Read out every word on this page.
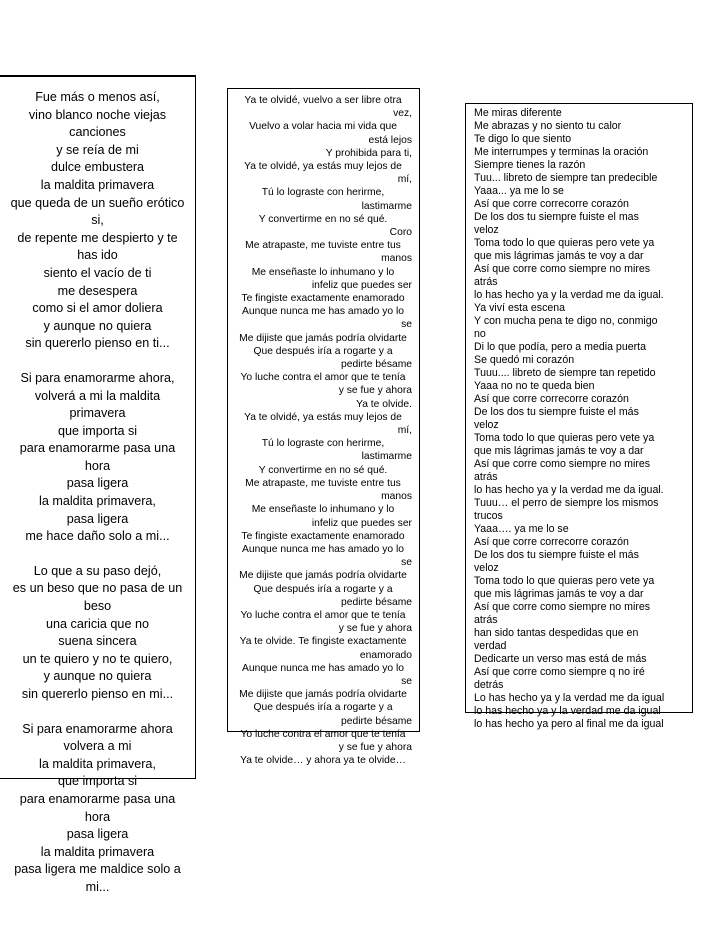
Fue más o menos así,
vino blanco noche viejas
canciones
y se reía de mi
dulce embustera
la maldita primavera
que queda de un sueño erótico
si,
de repente me despierto y te
has ido
siento el vacío de ti
me desespera
como si el amor doliera
y aunque no quiera
sin quererlo pienso en ti...
Si para enamorarme ahora,
volverá a mi la maldita
primavera
que importa si
para enamorarme pasa una
hora
pasa ligera
la maldita primavera,
pasa ligera
me hace daño solo a mi...
Lo que a su paso dejó,
es un beso que no pasa de un
beso
una caricia que no
suena sincera
un te quiero y no te quiero,
y aunque no quiera
sin quererlo pienso en mi...
Si para enamorarme ahora
volvera a mi
la maldita primavera,
que importa si
para enamorarme pasa una
hora
pasa ligera
la maldita primavera
pasa ligera me maldice solo a
mi...
Ya te olvidé, vuelvo a ser libre otra
vez,
Vuelvo a volar hacia mi vida que
está lejos
Y prohibida para ti,
Ya te olvidé, ya estás muy lejos de
mí,
Tú lo lograste con herirme,
lastimarme
Y convertirme en no sé qué.
Coro
Me atrapaste, me tuviste entre tus
manos
Me enseñaste lo inhumano y lo
infeliz que puedes ser
Te fingiste exactamente enamorado
Aunque nunca me has amado yo lo
se
Me dijiste que jamás podría olvidarte
Que después iría a rogarte y a
pedirte bésame
Yo luche contra el amor que te tenía
y se fue y ahora
Ya te olvide.
Ya te olvidé, ya estás muy lejos de
mí,
Tú lo lograste con herirme,
lastimarme
Y convertirme en no sé qué.
Me atrapaste, me tuviste entre tus
manos
Me enseñaste lo inhumano y lo
infeliz que puedes ser
Te fingiste exactamente enamorado
Aunque nunca me has amado yo lo
se
Me dijiste que jamás podría olvidarte
Que después iría a rogarte y a
pedirte bésame
Yo luche contra el amor que te tenía
y se fue y ahora
Ya te olvide. Te fingiste exactamente
enamorado
Aunque nunca me has amado yo lo
se
Me dijiste que jamás podría olvidarte
Que después iría a rogarte y a
pedirte bésame
Yo luche contra el amor que te tenía
y se fue y ahora
Ya te olvide… y ahora ya te olvide…
Me miras diferente
Me abrazas y no siento tu calor
Te digo lo que siento
Me interrumpes y terminas la oración
Siempre tienes la razón
Tuu... libreto de siempre tan predecible
Yaaa... ya me lo se
Así que corre correcorre corazón
De los dos tu siempre fuiste el mas
veloz
Toma todo lo que quieras pero vete ya
que mis lágrimas jamás te voy a dar
Así que corre como siempre no mires
atrás
lo has hecho ya y la verdad me da igual.
Ya viví esta escena
Y con mucha pena te digo no, conmigo
no
Di lo que podía, pero a media puerta
Se quedó mi corazón
Tuuu.... libreto de siempre tan repetido
Yaaa no no te queda bien
Así que corre correcorre corazón
De los dos tu siempre fuiste el más
veloz
Toma todo lo que quieras pero vete ya
que mis lágrimas jamás te voy a dar
Así que corre como siempre no mires
atrás
lo has hecho ya y la verdad me da igual.
Tuuu… el perro de siempre los mismos
trucos
Yaaa…. ya me lo se
Así que corre correcorre corazón
De los dos tu siempre fuiste el más
veloz
Toma todo lo que quieras pero vete ya
que mis lágrimas jamás te voy a dar
Así que corre como siempre no mires
atrás
han sido tantas despedidas que en
verdad
Dedicarte un verso mas está de más
Así que corre como siempre q no iré
detrás
Lo has hecho ya y la verdad me da igual
lo has hecho ya y la verdad me da igual
lo has hecho ya pero al final me da igual
